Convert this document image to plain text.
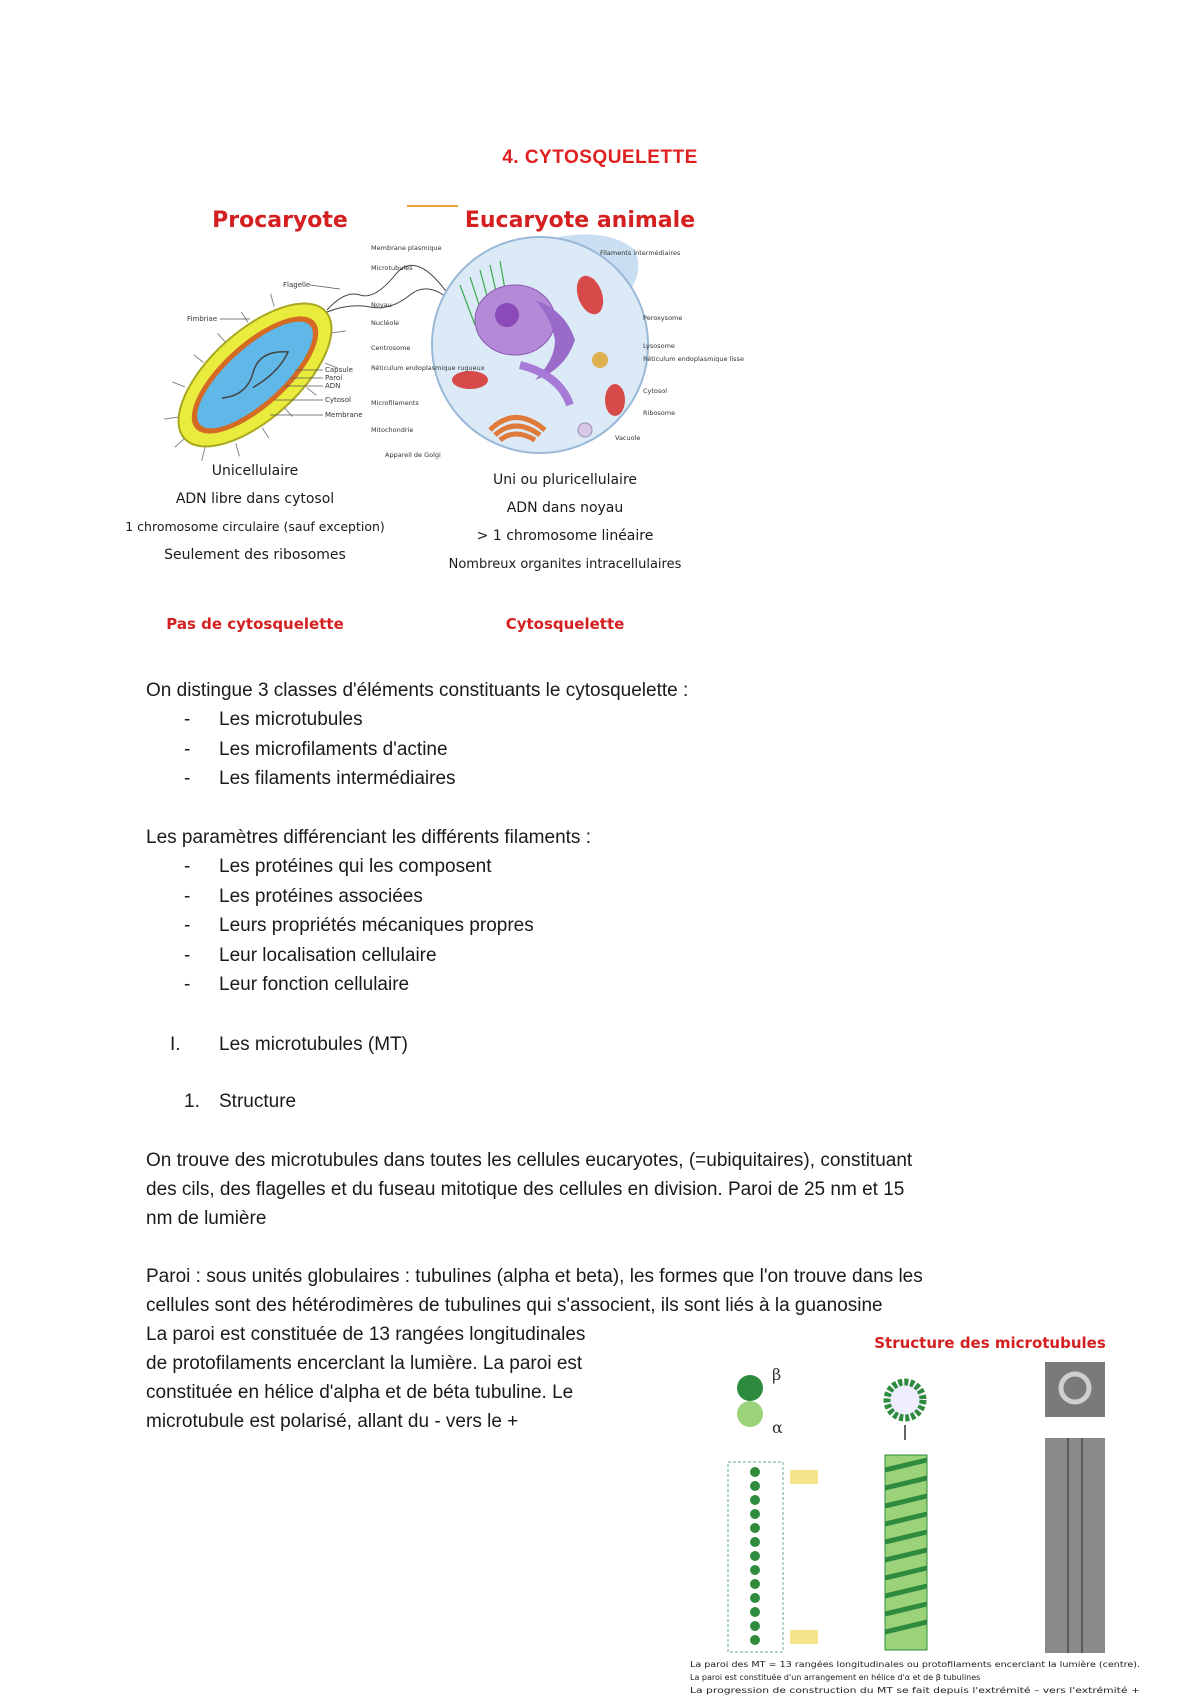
4. CYTOSQUELETTE
Procaryote	Eucaryote animale
Flagelle
Fimbriae
Capsule
Paroi
ADN
Cytosol
Membrane
Membrane plasmique
Microtubules
Noyau
Nucléole
Centrosome
Réticulum endoplasmique rugueux
Microfilaments
Mitochondrie
Appareil de Golgi
Filaments intermédiaires
Peroxysome
Lysosome
Réticulum endoplasmique lisse
Cytosol
Ribosome
Vacuole
Unicellulaire
ADN libre dans cytosol
1 chromosome circulaire (sauf exception)
Seulement des ribosomes
Uni ou pluricellulaire
ADN dans noyau
> 1 chromosome linéaire
Nombreux organites intracellulaires
Pas de cytosquelette	Cytosquelette
On distingue 3 classes d'éléments constituants le cytosquelette :
- Les microtubules
- Les microfilaments d'actine
- Les filaments intermédiaires
Les paramètres différenciant les différents filaments :
- Les protéines qui les composent
- Les protéines associées
- Leurs propriétés mécaniques propres
- Leur localisation cellulaire
- Leur fonction cellulaire
I. Les microtubules (MT)
1. Structure
On trouve des microtubules dans toutes les cellules eucaryotes, (=ubiquitaires), constituant
des cils, des flagelles et du fuseau mitotique des cellules en division. Paroi de 25 nm et 15
nm de lumière
Paroi : sous unités globulaires : tubulines (alpha et beta), les formes que l'on trouve dans les
cellules sont des hétérodimères de tubulines qui s'associent, ils sont liés à la guanosine
La paroi est constituée de 13 rangées longitudinales
de protofilaments encerclant la lumière. La paroi est
constituée en hélice d'alpha et de béta tubuline. Le
microtubule est polarisé, allant du - vers le +
Structure des microtubules
β
α
La paroi des MT = 13 rangées longitudinales ou protofilaments encerclant la lumière (centre).
La paroi est constituée d'un arrangement en hélice d'α et de β tubulines
La progression de construction du MT se fait depuis l'extrémité – vers l'extrémité +
